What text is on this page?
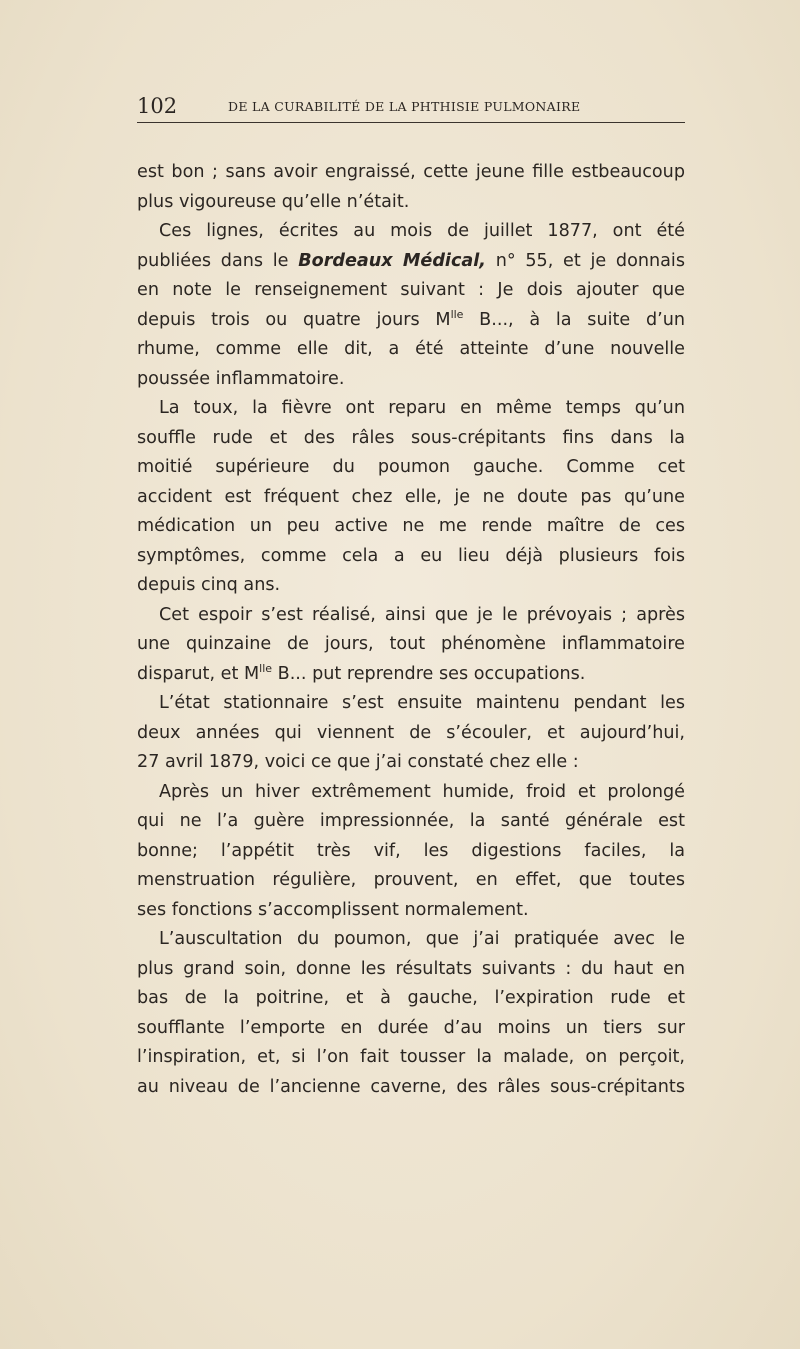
102	DE LA CURABILITÉ DE LA PHTHISIE PULMONAIRE
est bon ; sans avoir engraissé, cette jeune fille estbeaucoup
plus vigoureuse qu’elle n’était.
Ces lignes, écrites au mois de juillet 1877, ont été
publiées dans le Bordeaux Médical, n° 55, et je donnais
en note le renseignement suivant : Je dois ajouter que
depuis trois ou quatre jours $M^{lle}$ B..., à la suite d’un
rhume, comme elle dit, a été atteinte d’une nouvelle
poussée inflammatoire.
La toux, la fièvre ont reparu en même temps qu’un
souffle rude et des râles sous-crépitants fins dans la
moitié supérieure du poumon gauche. Comme cet
accident est fréquent chez elle, je ne doute pas qu’une
médication un peu active ne me rende maître de ces
symptômes, comme cela a eu lieu déjà plusieurs fois
depuis cinq ans.
Cet espoir s’est réalisé, ainsi que je le prévoyais ; après
une quinzaine de jours, tout phénomène inflammatoire
disparut, et $M^{lle}$ B... put reprendre ses occupations.
L’état stationnaire s’est ensuite maintenu pendant les
deux années qui viennent de s’écouler, et aujourd’hui,
27 avril 1879, voici ce que j’ai constaté chez elle :
Après un hiver extrêmement humide, froid et prolongé
qui ne l’a guère impressionnée, la santé générale est
bonne; l’appétit très vif, les digestions faciles, la
menstruation régulière, prouvent, en effet, que toutes
ses fonctions s’accomplissent normalement.
L’auscultation du poumon, que j’ai pratiquée avec le
plus grand soin, donne les résultats suivants : du haut en
bas de la poitrine, et à gauche, l’expiration rude et
soufflante l’emporte en durée d’au moins un tiers sur
l’inspiration, et, si l’on fait tousser la malade, on perçoit,
au niveau de l’ancienne caverne, des râles sous-crépitants
